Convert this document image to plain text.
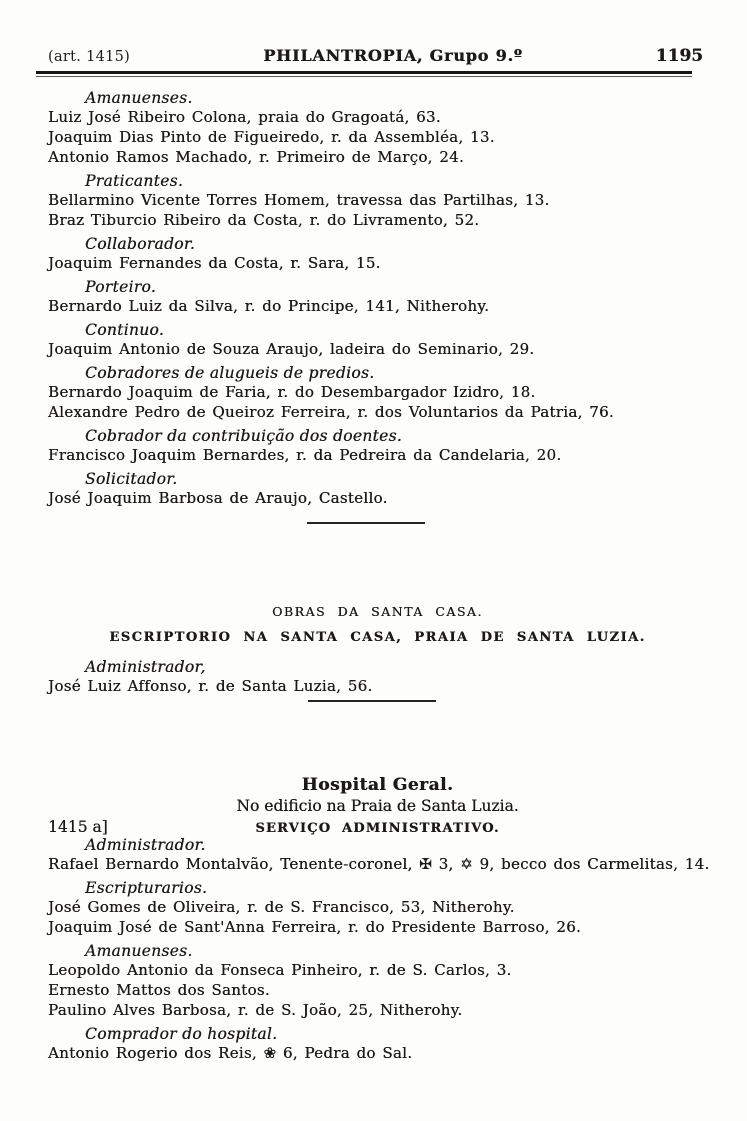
(art. 1415)	PHILANTROPIA, Grupo 9.º	1195

Amanuenses.

Luiz José Ribeiro Colona, praia do Gragoatá, 63.

Joaquim Dias Pinto de Figueiredo, r. da Assembléa, 13.

Antonio Ramos Machado, r. Primeiro de Março, 24.

Praticantes.

Bellarmino Vicente Torres Homem, travessa das Partilhas, 13.

Braz Tiburcio Ribeiro da Costa, r. do Livramento, 52.

Collaborador.

Joaquim Fernandes da Costa, r. Sara, 15.

Porteiro.

Bernardo Luiz da Silva, r. do Principe, 141, Nitherohy.

Continuo.

Joaquim Antonio de Souza Araujo, ladeira do Seminario, 29.

Cobradores de alugueis de predios.

Bernardo Joaquim de Faria, r. do Desembargador Izidro, 18.

Alexandre Pedro de Queiroz Ferreira, r. dos Voluntarios da Patria, 76.

Cobrador da contribuição dos doentes.

Francisco Joaquim Bernardes, r. da Pedreira da Candelaria, 20.

Solicitador.

José Joaquim Barbosa de Araujo, Castello.

OBRAS DA SANTA CASA.

ESCRIPTORIO NA SANTA CASA, PRAIA DE SANTA LUZIA.

Administrador,

José Luiz Affonso, r. de Santa Luzia, 56.

Hospital Geral.

No edificio na Praia de Santa Luzia.

1415 a]	SERVIÇO ADMINISTRATIVO.

Administrador.

Rafael Bernardo Montalvão, Tenente-coronel, ✠ 3, ✡ 9, becco dos Carmelitas, 14.

Escripturarios.

José Gomes de Oliveira, r. de S. Francisco, 53, Nitherohy.

Joaquim José de Sant'Anna Ferreira, r. do Presidente Barroso, 26.

Amanuenses.

Leopoldo Antonio da Fonseca Pinheiro, r. de S. Carlos, 3.

Ernesto Mattos dos Santos.

Paulino Alves Barbosa, r. de S. João, 25, Nitherohy.

Comprador do hospital.

Antonio Rogerio dos Reis, ❀ 6, Pedra do Sal.
